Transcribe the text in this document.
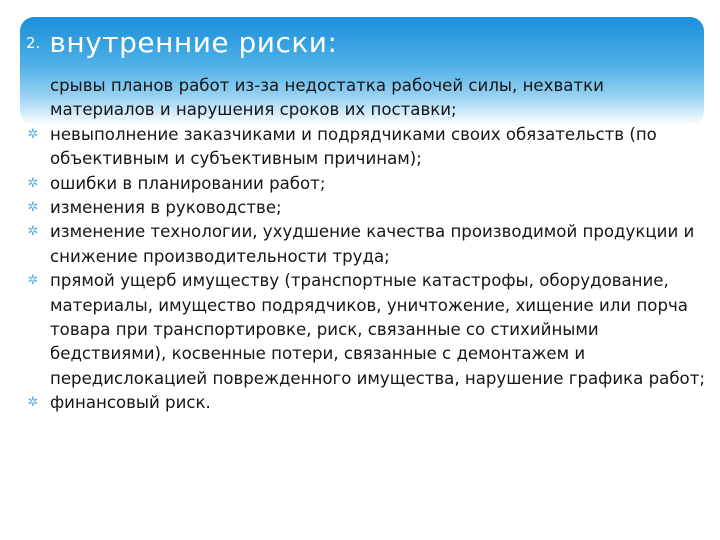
2. внутренние риски:
срывы планов работ из-за недостатка рабочей силы, нехватки материалов и нарушения сроков их поставки;
✲ невыполнение заказчиками и подрядчиками своих обязательств (по объективным и субъективным причинам);
✲ ошибки в планировании работ;
✲ изменения в руководстве;
✲ изменение технологии, ухудшение качества производимой продукции и снижение производительности труда;
✲ прямой ущерб имуществу (транспортные катастрофы, оборудование, материалы, имущество подрядчиков, уничтожение, хищение или порча товара при транспортировке, риск, связанные со стихийными бедствиями), косвенные потери, связанные с демонтажем и передислокацией поврежденного имущества, нарушение графика работ;
✲ финансовый риск.
